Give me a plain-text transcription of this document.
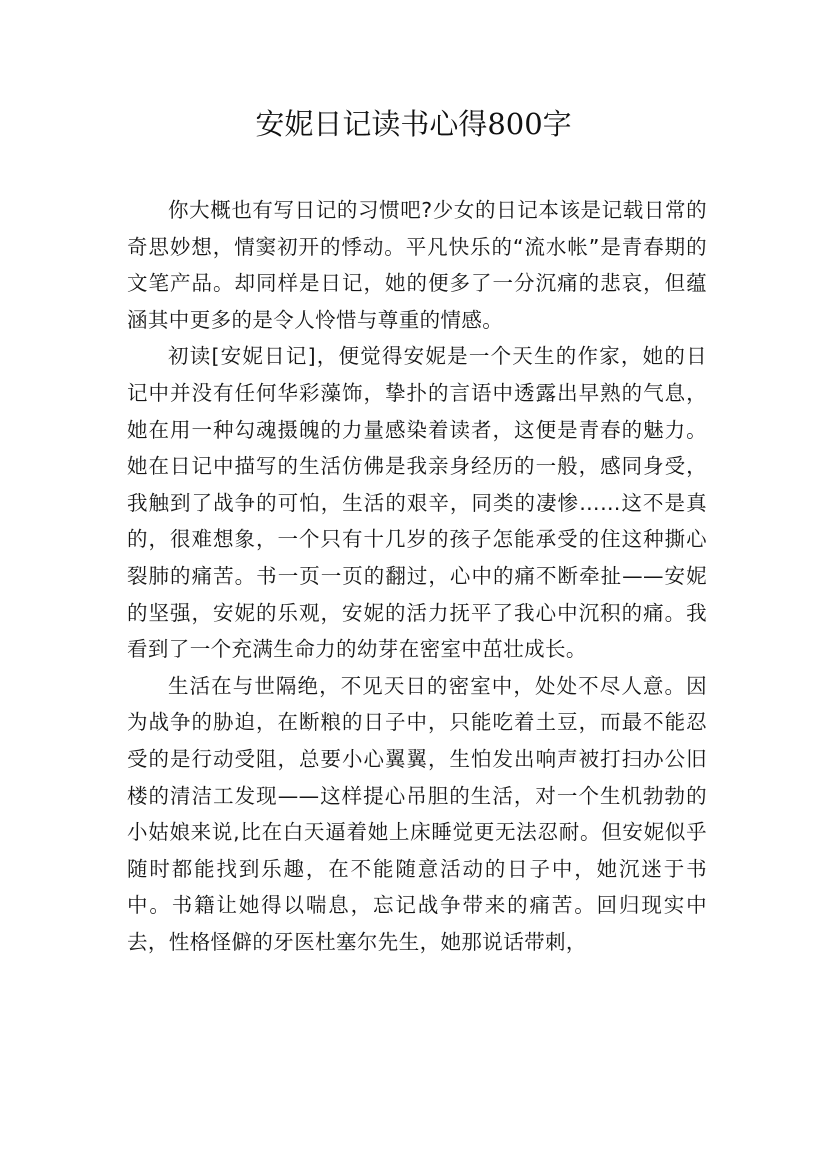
安妮日记读书心得800字

你大概也有写日记的习惯吧?少女的日记本该是记载日常的奇思妙想，情窦初开的悸动。平凡快乐的“流水帐”是青春期的文笔产品。却同样是日记，她的便多了一分沉痛的悲哀，但蕴涵其中更多的是令人怜惜与尊重的情感。

初读[安妮日记]，便觉得安妮是一个天生的作家，她的日记中并没有任何华彩藻饰，挚扑的言语中透露出早熟的气息，她在用一种勾魂摄魄的力量感染着读者，这便是青春的魅力。她在日记中描写的生活仿佛是我亲身经历的一般，感同身受，我触到了战争的可怕，生活的艰辛，同类的凄惨……这不是真的，很难想象，一个只有十几岁的孩子怎能承受的住这种撕心裂肺的痛苦。书一页一页的翻过，心中的痛不断牵扯——安妮的坚强，安妮的乐观，安妮的活力抚平了我心中沉积的痛。我看到了一个充满生命力的幼芽在密室中茁壮成长。

生活在与世隔绝，不见天日的密室中，处处不尽人意。因为战争的胁迫，在断粮的日子中，只能吃着土豆，而最不能忍受的是行动受阻，总要小心翼翼，生怕发出响声被打扫办公旧楼的清洁工发现——这样提心吊胆的生活，对一个生机勃勃的小姑娘来说,比在白天逼着她上床睡觉更无法忍耐。但安妮似乎随时都能找到乐趣，在不能随意活动的日子中，她沉迷于书中。书籍让她得以喘息，忘记战争带来的痛苦。回归现实中去，性格怪僻的牙医杜塞尔先生，她那说话带刺，
